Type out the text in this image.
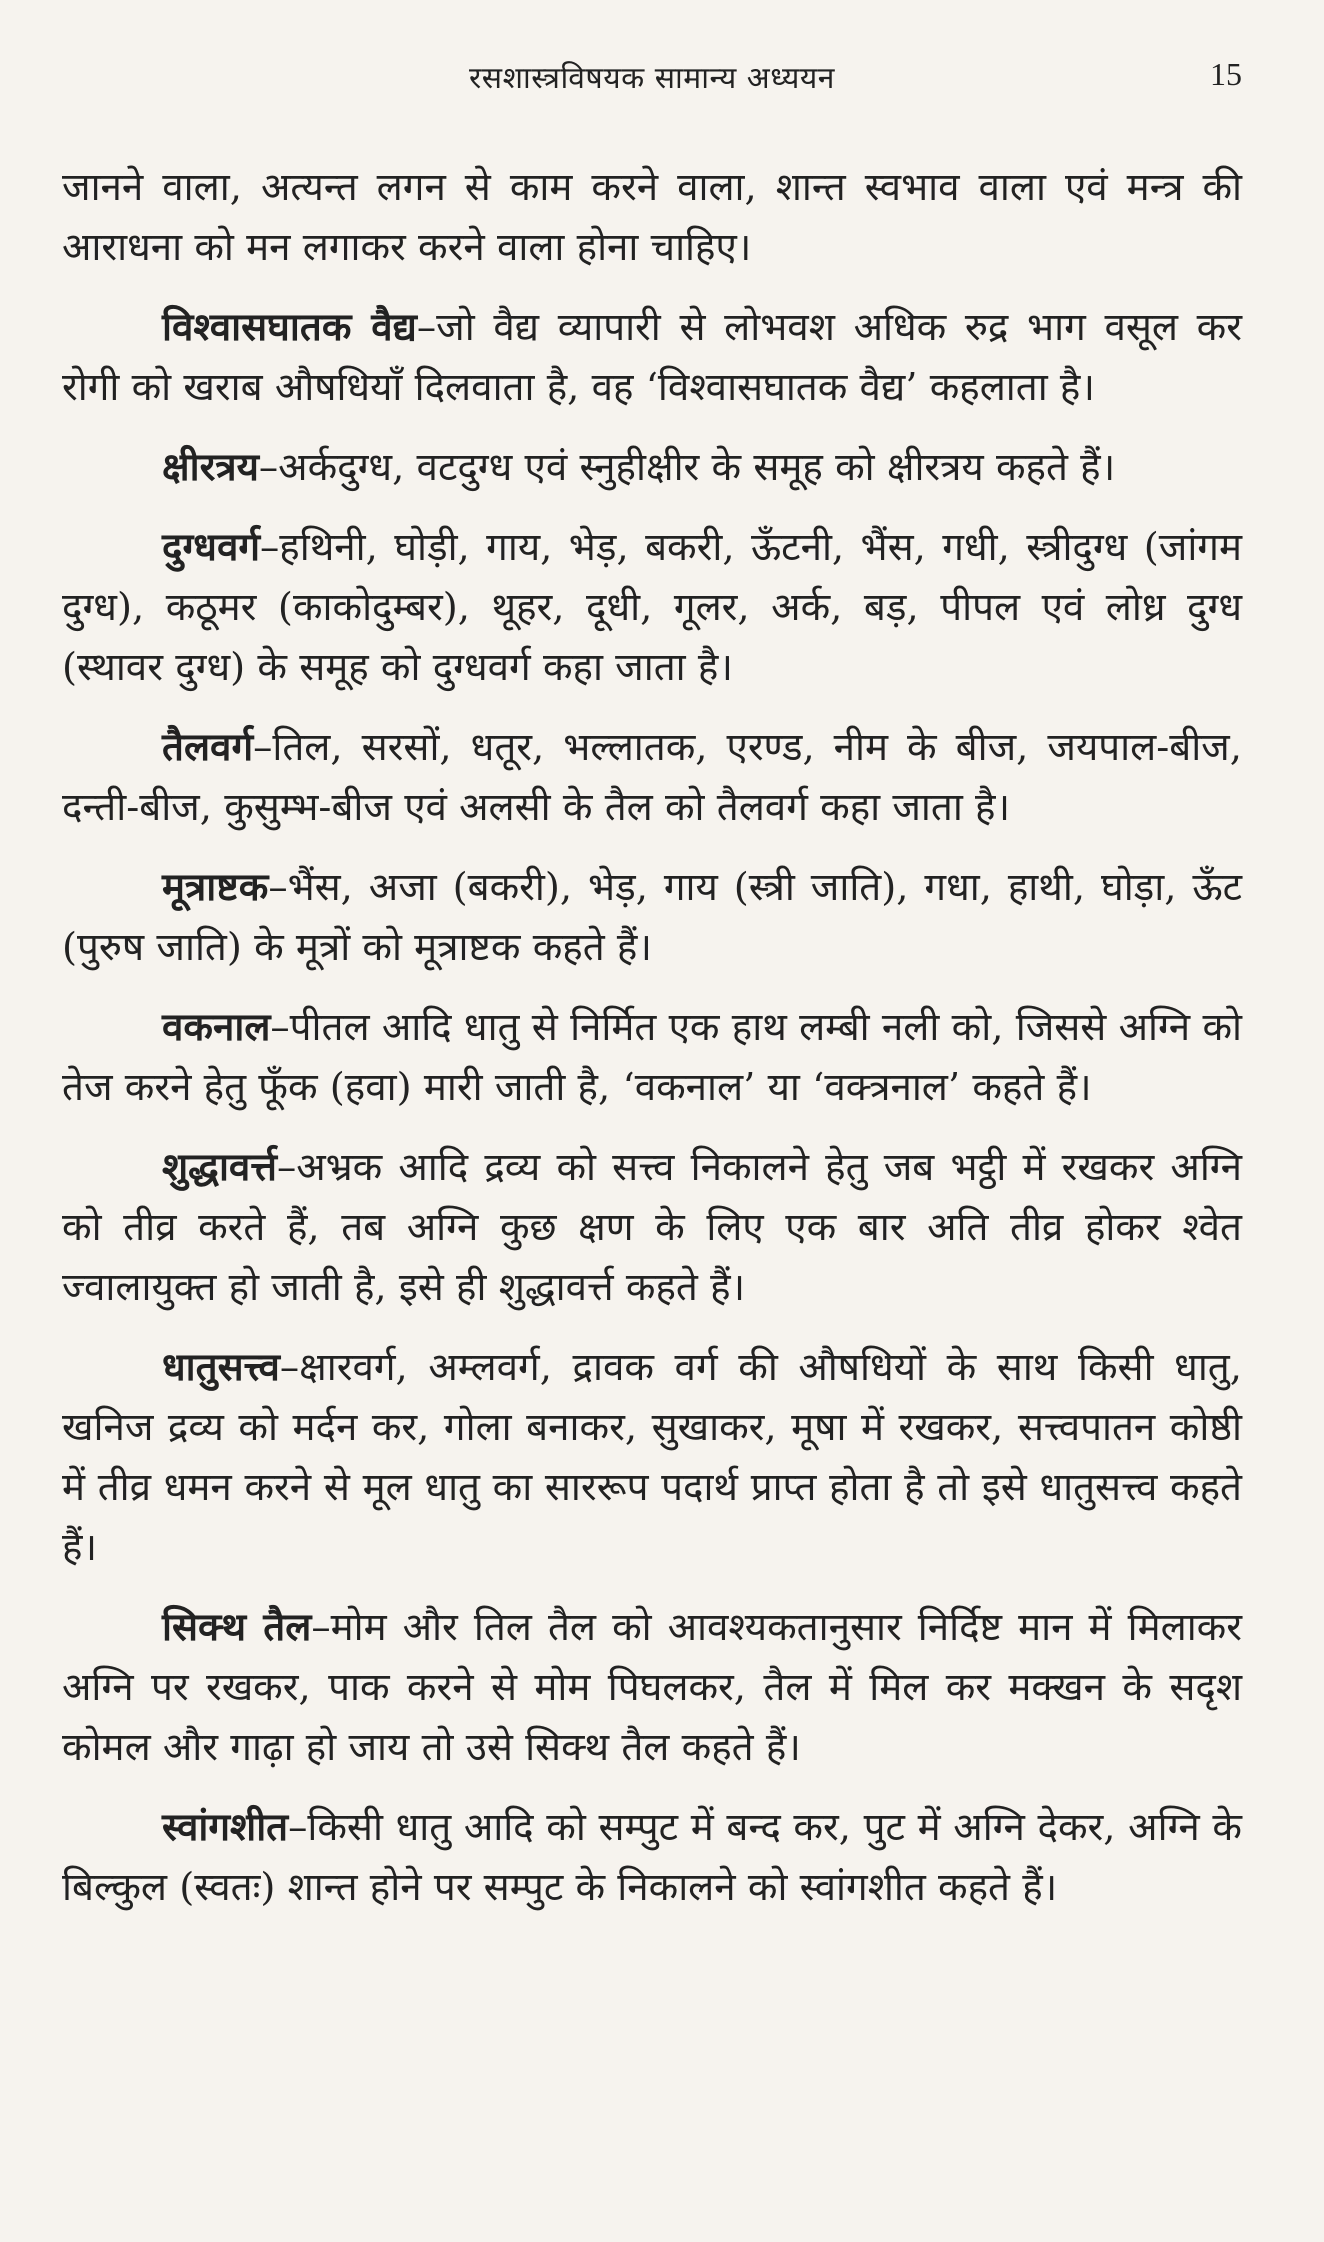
रसशास्त्रविषयक सामान्य अध्ययन	15

जानने वाला, अत्यन्त लगन से काम करने वाला, शान्त स्वभाव वाला एवं मन्त्र की आराधना को मन लगाकर करने वाला होना चाहिए।

विश्वासघातक वैद्य–जो वैद्य व्यापारी से लोभवश अधिक रुद्र भाग वसूल कर रोगी को खराब औषधियाँ दिलवाता है, वह ‘विश्वासघातक वैद्य’ कहलाता है।

क्षीरत्रय–अर्कदुग्ध, वटदुग्ध एवं स्नुहीक्षीर के समूह को क्षीरत्रय कहते हैं।

दुग्धवर्ग–हथिनी, घोड़ी, गाय, भेड़, बकरी, ऊँटनी, भैंस, गधी, स्त्रीदुग्ध (जांगम दुग्ध), कठूमर (काकोदुम्बर), थूहर, दूधी, गूलर, अर्क, बड़, पीपल एवं लोध्र दुग्ध (स्थावर दुग्ध) के समूह को दुग्धवर्ग कहा जाता है।

तैलवर्ग–तिल, सरसों, धतूर, भल्लातक, एरण्ड, नीम के बीज, जयपाल-बीज, दन्ती-बीज, कुसुम्भ-बीज एवं अलसी के तैल को तैलवर्ग कहा जाता है।

मूत्राष्टक–भैंस, अजा (बकरी), भेड़, गाय (स्त्री जाति), गधा, हाथी, घोड़ा, ऊँट (पुरुष जाति) के मूत्रों को मूत्राष्टक कहते हैं।

वकनाल–पीतल आदि धातु से निर्मित एक हाथ लम्बी नली को, जिससे अग्नि को तेज करने हेतु फूँक (हवा) मारी जाती है, ‘वकनाल’ या ‘वक्त्रनाल’ कहते हैं।

शुद्धावर्त्त–अभ्रक आदि द्रव्य को सत्त्व निकालने हेतु जब भट्ठी में रखकर अग्नि को तीव्र करते हैं, तब अग्नि कुछ क्षण के लिए एक बार अति तीव्र होकर श्वेत ज्वालायुक्त हो जाती है, इसे ही शुद्धावर्त्त कहते हैं।

धातुसत्त्व–क्षारवर्ग, अम्लवर्ग, द्रावक वर्ग की औषधियों के साथ किसी धातु, खनिज द्रव्य को मर्दन कर, गोला बनाकर, सुखाकर, मूषा में रखकर, सत्त्वपातन कोष्ठी में तीव्र धमन करने से मूल धातु का साररूप पदार्थ प्राप्त होता है तो इसे धातुसत्त्व कहते हैं।

सिक्थ तैल–मोम और तिल तैल को आवश्यकतानुसार निर्दिष्ट मान में मिलाकर अग्नि पर रखकर, पाक करने से मोम पिघलकर, तैल में मिल कर मक्खन के सदृश कोमल और गाढ़ा हो जाय तो उसे सिक्थ तैल कहते हैं।

स्वांगशीत–किसी धातु आदि को सम्पुट में बन्द कर, पुट में अग्नि देकर, अग्नि के बिल्कुल (स्वतः) शान्त होने पर सम्पुट के निकालने को स्वांगशीत कहते हैं।
